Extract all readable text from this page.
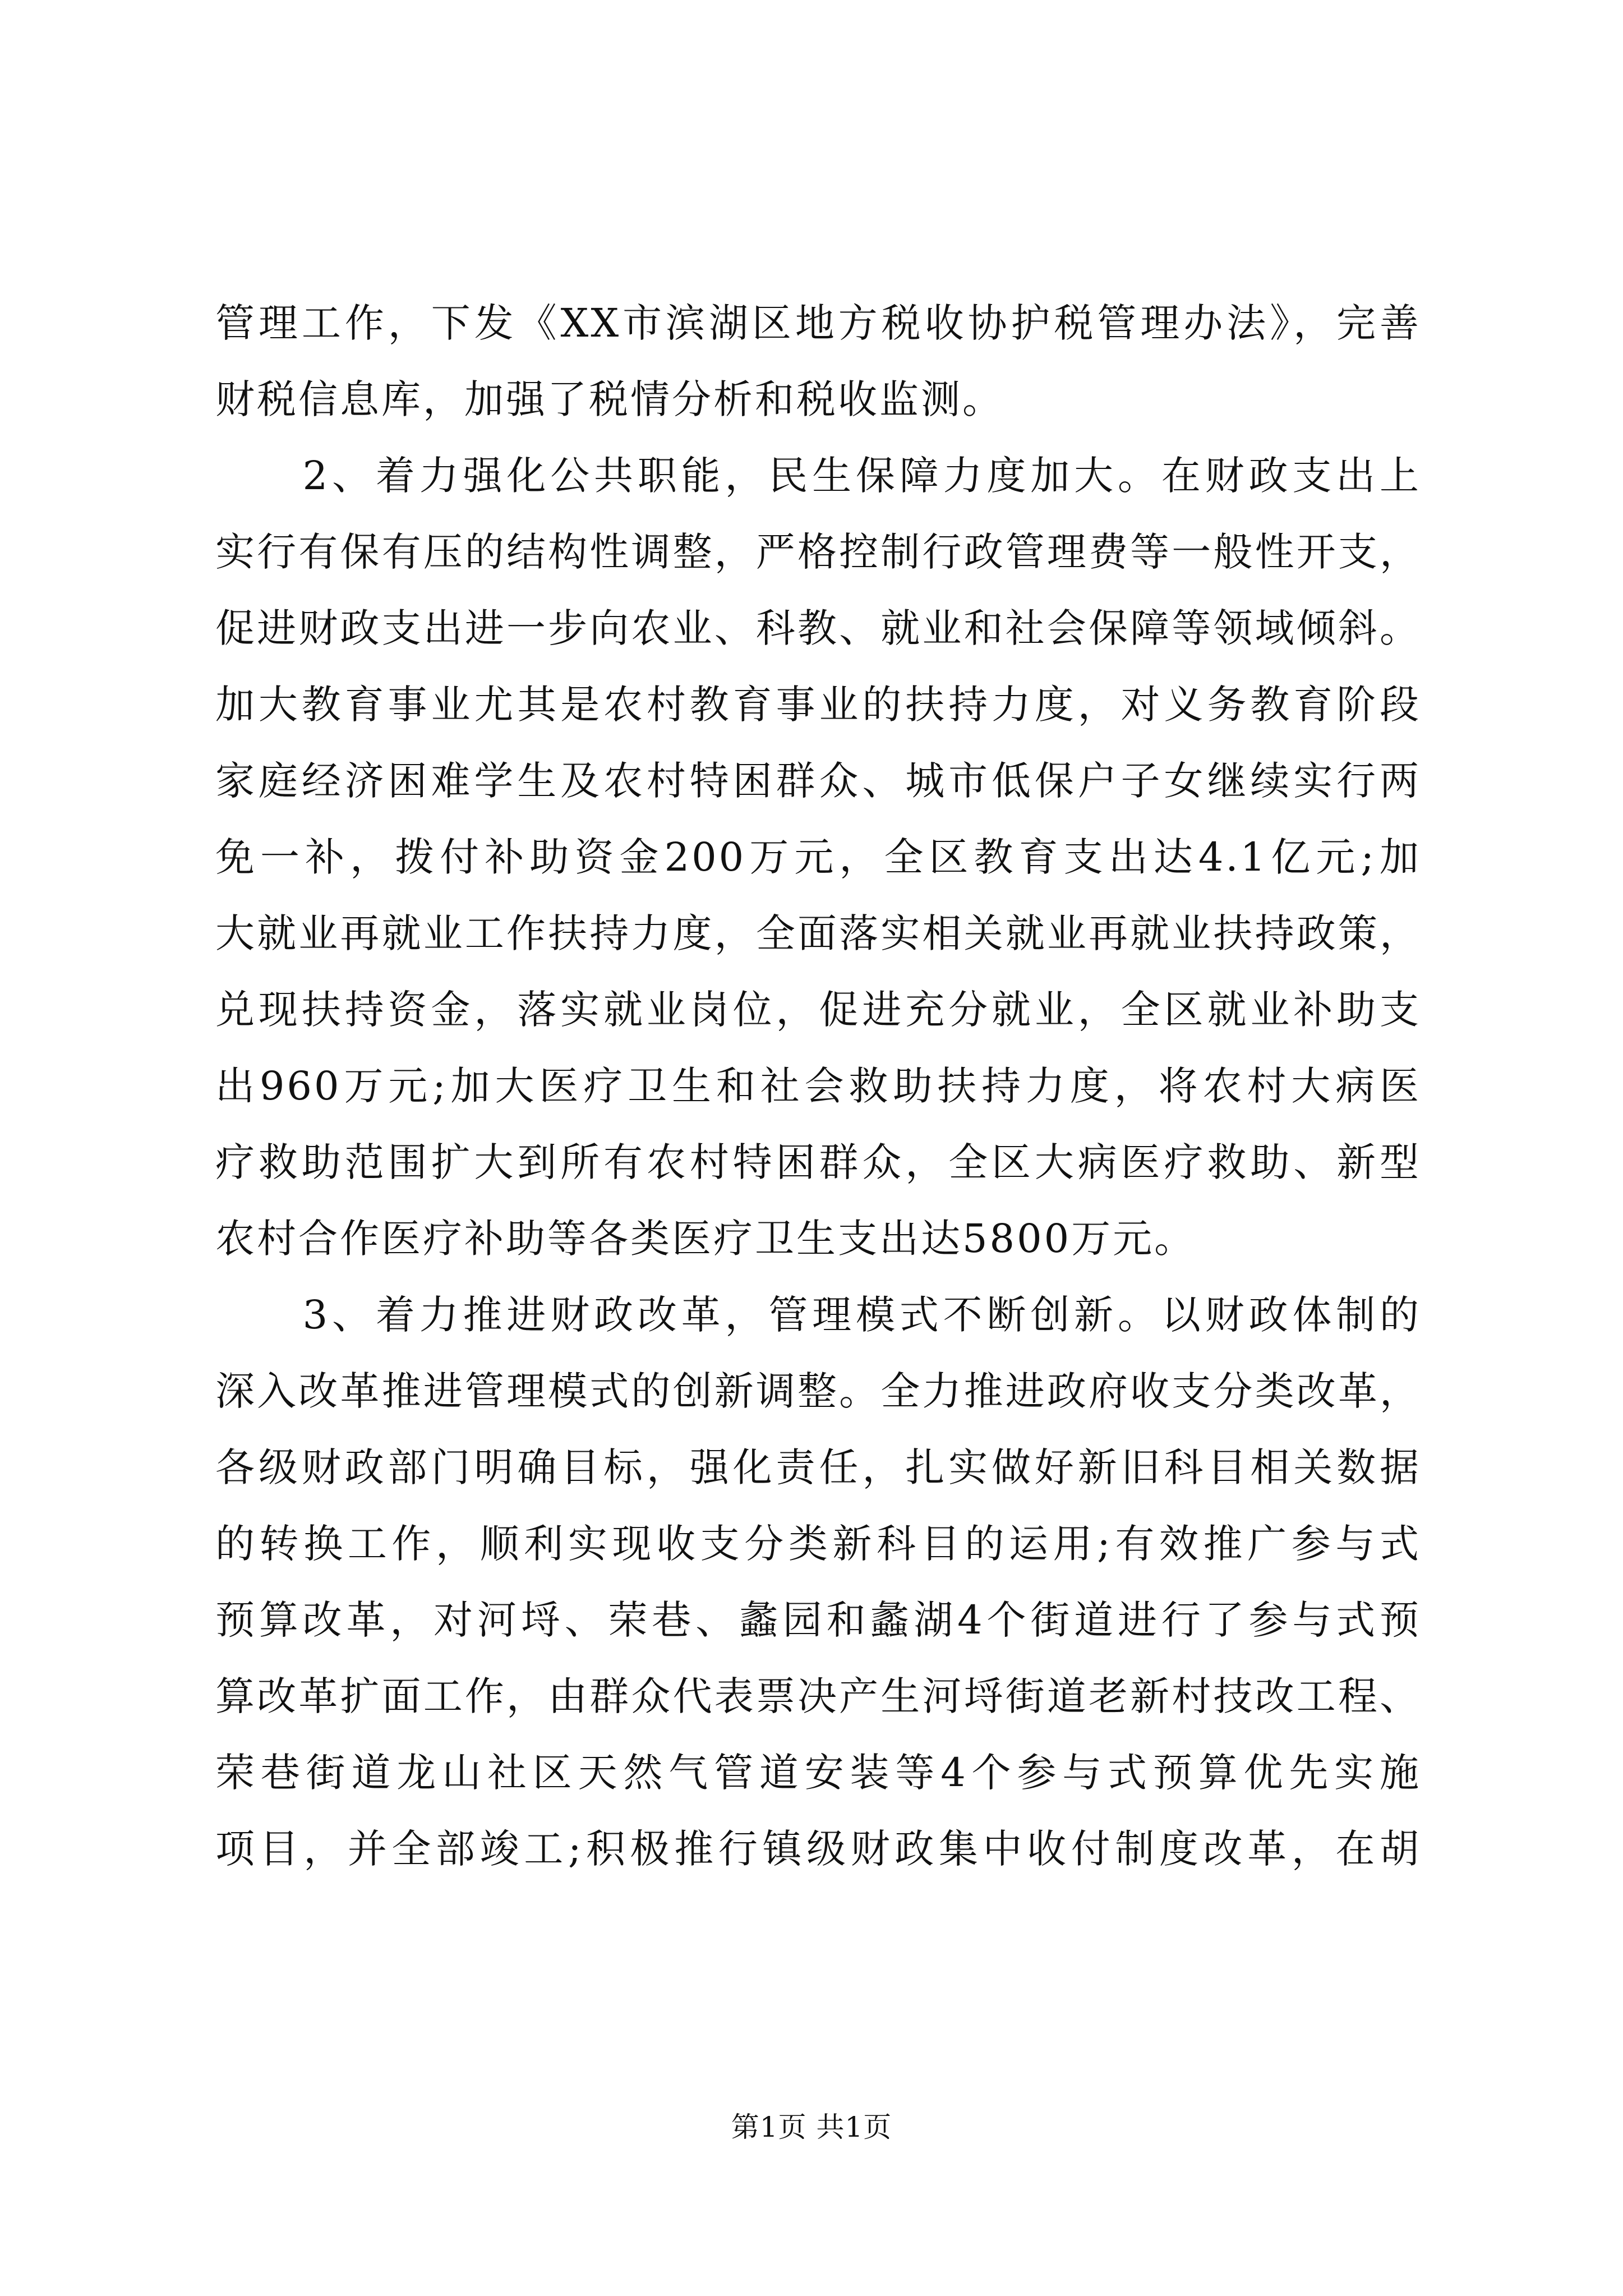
管理工作，下发《XX市滨湖区地方税收协护税管理办法》，完善
财税信息库，加强了税情分析和税收监测。
　　2、着力强化公共职能，民生保障力度加大。在财政支出上
实行有保有压的结构性调整，严格控制行政管理费等一般性开支，
促进财政支出进一步向农业、科教、就业和社会保障等领域倾斜。
加大教育事业尤其是农村教育事业的扶持力度，对义务教育阶段
家庭经济困难学生及农村特困群众、城市低保户子女继续实行两
免一补，拨付补助资金200万元，全区教育支出达4.1亿元;加
大就业再就业工作扶持力度，全面落实相关就业再就业扶持政策，
兑现扶持资金，落实就业岗位，促进充分就业，全区就业补助支
出960万元;加大医疗卫生和社会救助扶持力度，将农村大病医
疗救助范围扩大到所有农村特困群众，全区大病医疗救助、新型
农村合作医疗补助等各类医疗卫生支出达5800万元。
　　3、着力推进财政改革，管理模式不断创新。以财政体制的
深入改革推进管理模式的创新调整。全力推进政府收支分类改革，
各级财政部门明确目标，强化责任，扎实做好新旧科目相关数据
的转换工作，顺利实现收支分类新科目的运用;有效推广参与式
预算改革，对河埒、荣巷、蠡园和蠡湖4个街道进行了参与式预
算改革扩面工作，由群众代表票决产生河埒街道老新村技改工程、
荣巷街道龙山社区天然气管道安装等4个参与式预算优先实施
项目，并全部竣工;积极推行镇级财政集中收付制度改革，在胡
第1页 共1页
